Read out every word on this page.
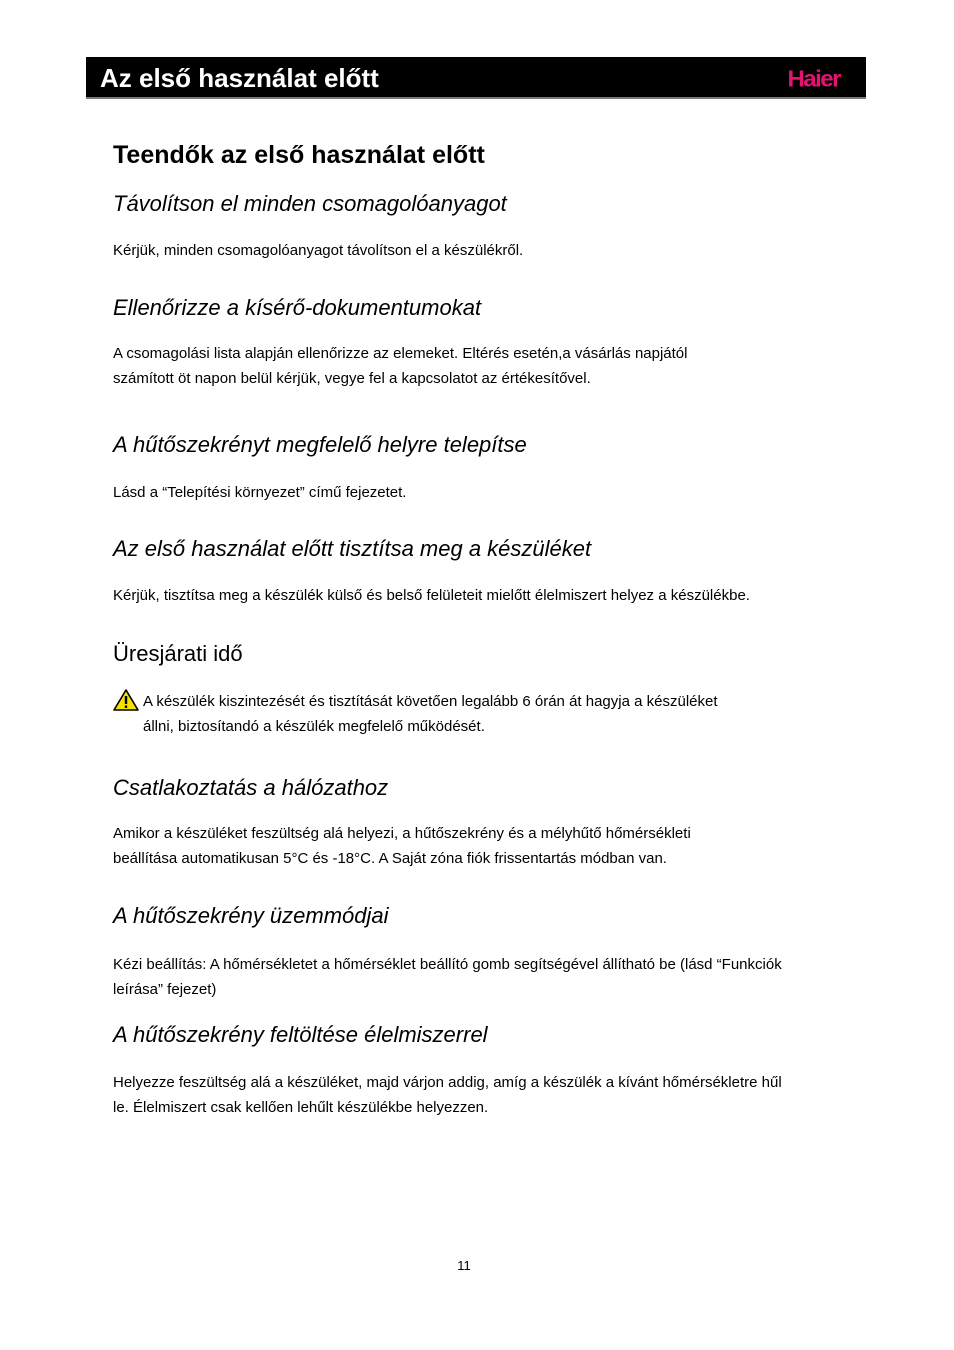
Az első használat előtt	Haier
Teendők az első használat előtt
Távolítson el minden csomagolóanyagot
Kérjük, minden csomagolóanyagot távolítson el a készülékről.
Ellenőrizze a kísérő-dokumentumokat
A csomagolási lista alapján ellenőrizze az elemeket. Eltérés esetén,a vásárlás napjától
számított öt napon belül kérjük, vegye fel a kapcsolatot az értékesítővel.
A hűtőszekrényt megfelelő helyre telepítse
Lásd a “Telepítési környezet” című fejezetet.
Az első használat előtt tisztítsa meg a készüléket
Kérjük, tisztítsa meg a készülék külső és belső felületeit mielőtt élelmiszert helyez a készülékbe.
Üresjárati idő
A készülék kiszintezését és tisztítását követően legalább 6 órán át hagyja a készüléket
állni, biztosítandó a készülék megfelelő működését.
Csatlakoztatás a hálózathoz
Amikor a készüléket feszültség alá helyezi, a hűtőszekrény és a mélyhűtő hőmérsékleti
beállítása automatikusan 5°C és -18°C. A Saját zóna fiók frissentartás módban van.
A hűtőszekrény üzemmódjai
Kézi beállítás: A hőmérsékletet a hőmérséklet beállító gomb segítségével állítható be (lásd “Funkciók
leírása” fejezet)
A hűtőszekrény feltöltése élelmiszerrel
Helyezze feszültség alá a készüléket, majd várjon addig, amíg a készülék a kívánt hőmérsékletre hűl
le. Élelmiszert csak kellően lehűlt készülékbe helyezzen.
11
